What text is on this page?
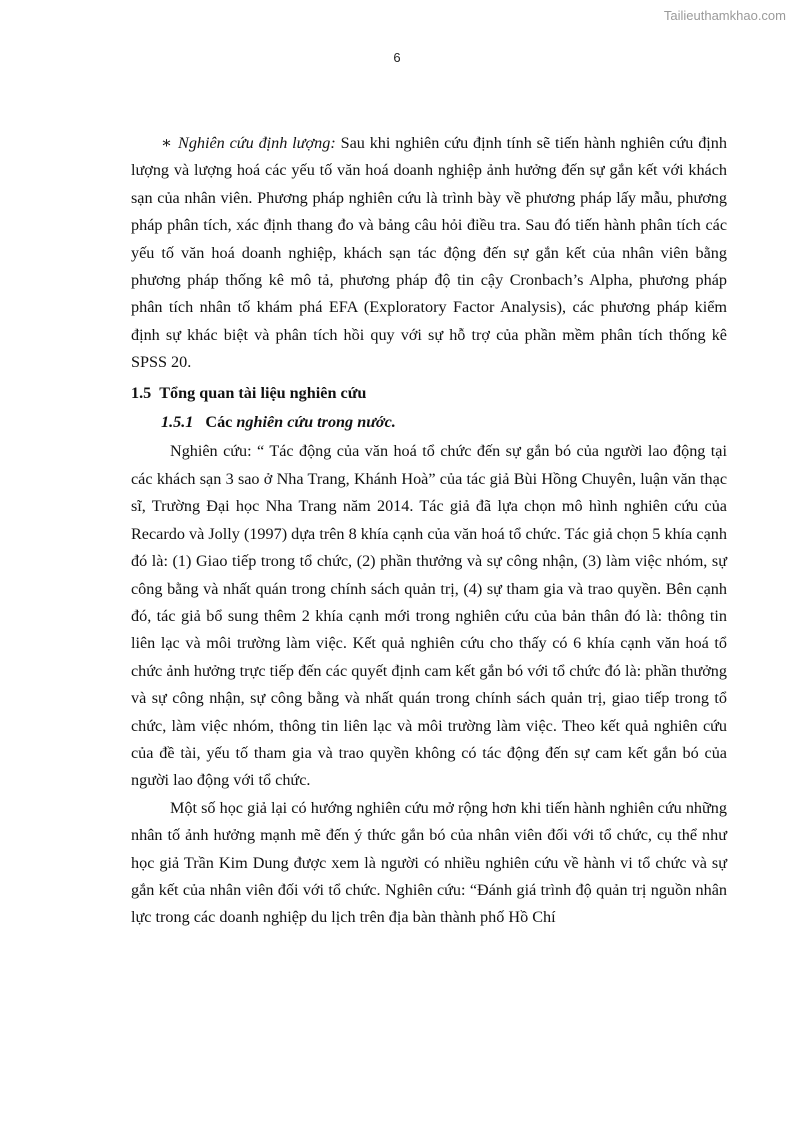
Tailieuthamkhao.com
6

∗ Nghiên cứu định lượng: Sau khi nghiên cứu định tính sẽ tiến hành nghiên cứu định lượng và lượng hoá các yếu tố văn hoá doanh nghiệp ảnh hưởng đến sự gắn kết với khách sạn của nhân viên. Phương pháp nghiên cứu là trình bày về phương pháp lấy mẫu, phương pháp phân tích, xác định thang đo và bảng câu hỏi điều tra. Sau đó tiến hành phân tích các yếu tố văn hoá doanh nghiệp, khách sạn tác động đến sự gắn kết của nhân viên bằng phương pháp thống kê mô tả, phương pháp độ tin cậy Cronbach’s Alpha, phương pháp phân tích nhân tố khám phá EFA (Exploratory Factor Analysis), các phương pháp kiểm định sự khác biệt và phân tích hồi quy với sự hỗ trợ của phần mềm phân tích thống kê SPSS 20.

1.5 Tổng quan tài liệu nghiên cứu

1.5.1 Các nghiên cứu trong nước.

Nghiên cứu: “ Tác động của văn hoá tổ chức đến sự gắn bó của người lao động tại các khách sạn 3 sao ở Nha Trang, Khánh Hoà” của tác giả Bùi Hồng Chuyên, luận văn thạc sĩ, Trường Đại học Nha Trang năm 2014. Tác giả đã lựa chọn mô hình nghiên cứu của Recardo và Jolly (1997) dựa trên 8 khía cạnh của văn hoá tổ chức. Tác giả chọn 5 khía cạnh đó là: (1) Giao tiếp trong tổ chức, (2) phần thưởng và sự công nhận, (3) làm việc nhóm, sự công bằng và nhất quán trong chính sách quản trị, (4) sự tham gia và trao quyền. Bên cạnh đó, tác giả bổ sung thêm 2 khía cạnh mới trong nghiên cứu của bản thân đó là: thông tin liên lạc và môi trường làm việc. Kết quả nghiên cứu cho thấy có 6 khía cạnh văn hoá tổ chức ảnh hưởng trực tiếp đến các quyết định cam kết gắn bó với tổ chức đó là: phần thưởng và sự công nhận, sự công bằng và nhất quán trong chính sách quản trị, giao tiếp trong tổ chức, làm việc nhóm, thông tin liên lạc và môi trường làm việc. Theo kết quả nghiên cứu của đề tài, yếu tố tham gia và trao quyền không có tác động đến sự cam kết gắn bó của người lao động với tổ chức.

Một số học giả lại có hướng nghiên cứu mở rộng hơn khi tiến hành nghiên cứu những nhân tố ảnh hưởng mạnh mẽ đến ý thức gắn bó của nhân viên đối với tổ chức, cụ thể như học giả Trần Kim Dung được xem là người có nhiều nghiên cứu về hành vi tổ chức và sự gắn kết của nhân viên đối với tổ chức. Nghiên cứu: “Đánh giá trình độ quản trị nguồn nhân lực trong các doanh nghiệp du lịch trên địa bàn thành phố Hồ Chí
